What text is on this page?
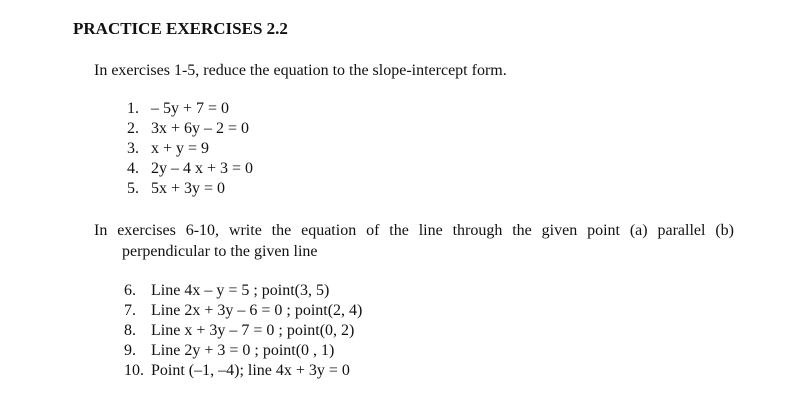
PRACTICE EXERCISES 2.2
In exercises 1-5, reduce the equation to the slope-intercept form.
1. – 5y + 7 = 0
2. 3x + 6y – 2 = 0
3. x + y = 9
4. 2y – 4 x + 3 = 0
5. 5x + 3y = 0
In exercises 6-10, write the equation of the line through the given point (a) parallel (b)
perpendicular to the given line
6. Line 4x – y = 5 ; point(3, 5)
7. Line 2x + 3y – 6 = 0 ; point(2, 4)
8. Line x + 3y – 7 = 0 ; point(0, 2)
9. Line 2y + 3 = 0 ; point(0 , 1)
10. Point (–1, –4); line 4x + 3y = 0
